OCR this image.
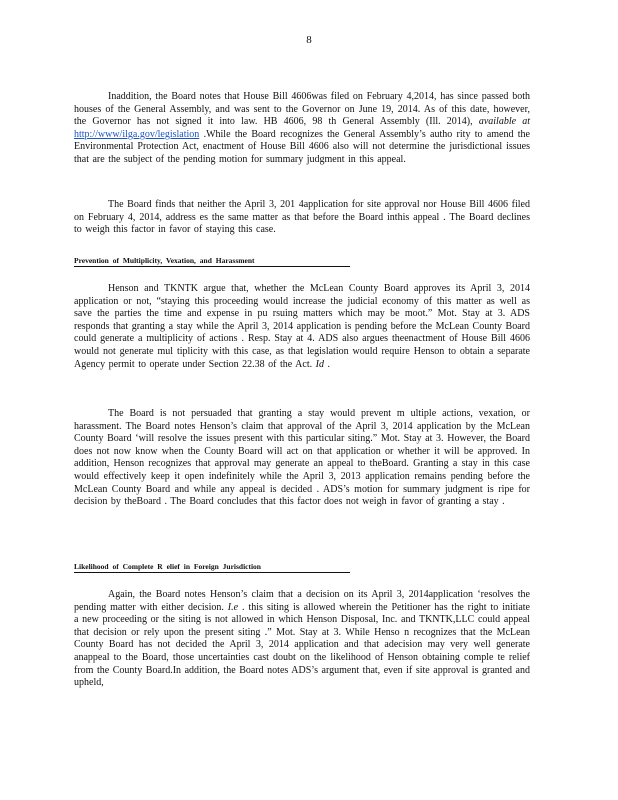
8

Inaddition, the Board notes that House Bill 4606was filed on February 4,2014, has since passed both houses of the General Assembly, and was sent to the Governor on June 19, 2014. As of this date, however, the Governor has not signed it into law. HB 4606, 98 th General Assembly (Ill. 2014), available at http://www/ilga.gov/legislation .While the Board recognizes the General Assembly’s autho rity to amend the Environmental Protection Act, enactment of House Bill 4606 also will not determine the jurisdictional issues that are the subject of the pending motion for summary judgment in this appeal.

The Board finds that neither the April 3, 201 4application for site approval nor House Bill 4606 filed on February 4, 2014, address es the same matter as that before the Board inthis appeal . The Board declines to weigh this factor in favor of staying this case.

Prevention of Multiplicity, Vexation, and Harassment

Henson and TKNTK argue that, whether the McLean County Board approves its April 3, 2014 application or not, “staying this proceeding would increase the judicial economy of this matter as well as save the parties the time and expense in pu rsuing matters which may be moot.” Mot. Stay at 3. ADS responds that granting a stay while the April 3, 2014 application is pending before the McLean County Board could generate a multiplicity of actions . Resp. Stay at 4. ADS also argues theenactment of House Bill 4606 would not generate mul tiplicity with this case, as that legislation would require Henson to obtain a separate Agency permit to operate under Section 22.38 of the Act. Id .

The Board is not persuaded that granting a stay would prevent m ultiple actions, vexation, or harassment. The Board notes Henson’s claim that approval of the April 3, 2014 application by the McLean County Board ‘will resolve the issues present with this particular siting.” Mot. Stay at 3. However, the Board does not now know when the County Board will act on that application or whether it will be approved. In addition, Henson recognizes that approval may generate an appeal to theBoard. Granting a stay in this case would effectively keep it open indefinitely while the April 3, 2013 application remains pending before the McLean County Board and while any appeal is decided . ADS’s motion for summary judgment is ripe for decision by theBoard . The Board concludes that this factor does not weigh in favor of granting a stay .

Likelihood of Complete R elief in Foreign Jurisdiction

Again, the Board notes Henson’s claim that a decision on its April 3, 2014application ‘resolves the pending matter with either decision. I.e . this siting is allowed wherein the Petitioner has the right to initiate a new proceeding or the siting is not allowed in which Henson Disposal, Inc. and TKNTK,LLC could appeal that decision or rely upon the present siting .” Mot. Stay at 3. While Henso n recognizes that the McLean County Board has not decided the April 3, 2014 application and that adecision may very well generate anappeal to the Board, those uncertainties cast doubt on the likelihood of Henson obtaining comple te relief from the County Board.In addition, the Board notes ADS’s argument that, even if site approval is granted and upheld,
